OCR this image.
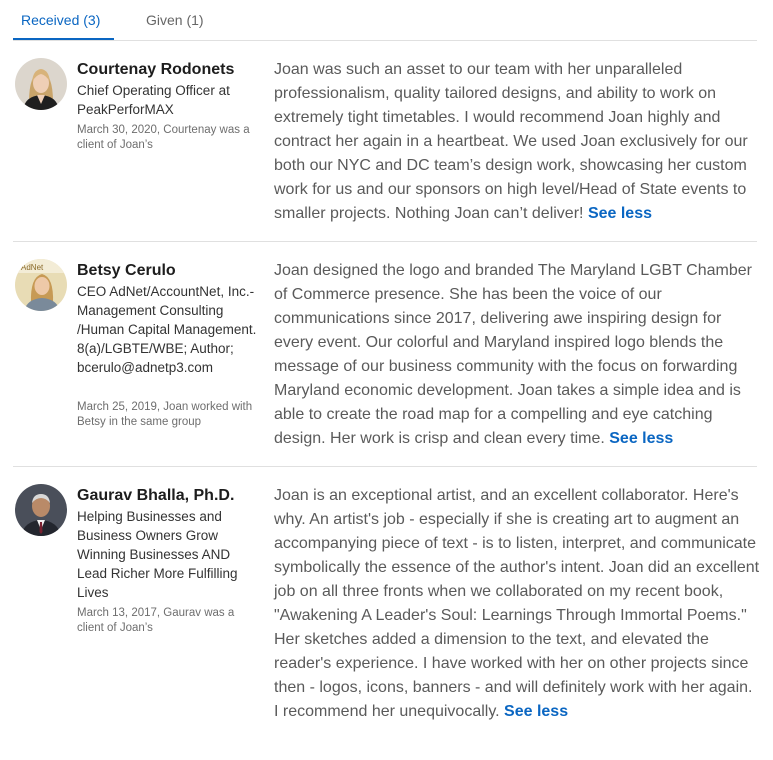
Received (3)	Given (1)
Courtenay Rodonets
Chief Operating Officer at PeakPerforMAX
March 30, 2020, Courtenay was a client of Joan’s
Joan was such an asset to our team with her unparalleled professionalism, quality tailored designs, and ability to work on extremely tight timetables. I would recommend Joan highly and contract her again in a heartbeat. We used Joan exclusively for our both our NYC and DC team’s design work, showcasing her custom work for us and our sponsors on high level/Head of State events to smaller projects. Nothing Joan can’t deliver! See less
AdNet Betsy Cerulo
CEO AdNet/AccountNet, Inc.-Management Consulting /Human Capital Management. 8(a)/LGBTE/WBE; Author; bcerulo@adnetp3.com
March 25, 2019, Joan worked with Betsy in the same group
Joan designed the logo and branded The Maryland LGBT Chamber of Commerce presence. She has been the voice of our communications since 2017, delivering awe inspiring design for every event. Our colorful and Maryland inspired logo blends the message of our business community with the focus on forwarding Maryland economic development. Joan takes a simple idea and is able to create the road map for a compelling and eye catching design. Her work is crisp and clean every time. See less
Gaurav Bhalla, Ph.D.
Helping Businesses and Business Owners Grow Winning Businesses AND Lead Richer More Fulfilling Lives
March 13, 2017, Gaurav was a client of Joan’s
Joan is an exceptional artist, and an excellent collaborator. Here's why. An artist's job - especially if she is creating art to augment an accompanying piece of text - is to listen, interpret, and communicate symbolically the essence of the author's intent. Joan did an excellent job on all three fronts when we collaborated on my recent book, "Awakening A Leader's Soul: Learnings Through Immortal Poems." Her sketches added a dimension to the text, and elevated the reader's experience. I have worked with her on other projects since then - logos, icons, banners - and will definitely work with her again. I recommend her unequivocally. See less
